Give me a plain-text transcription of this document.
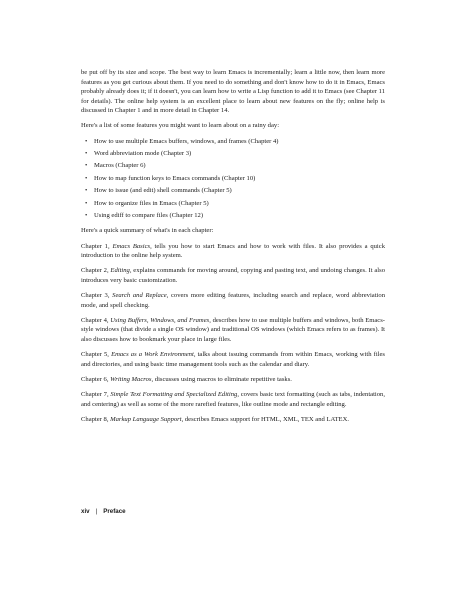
be put off by its size and scope. The best way to learn Emacs is incrementally; learn a little now, then learn more features as you get curious about them. If you need to do something and don't know how to do it in Emacs, Emacs probably already does it; if it doesn't, you can learn how to write a Lisp function to add it to Emacs (see Chapter 11 for details). The online help system is an excellent place to learn about new features on the fly; online help is discussed in Chapter 1 and in more detail in Chapter 14.

Here's a list of some features you might want to learn about on a rainy day:

• How to use multiple Emacs buffers, windows, and frames (Chapter 4)
• Word abbreviation mode (Chapter 3)
• Macros (Chapter 6)
• How to map function keys to Emacs commands (Chapter 10)
• How to issue (and edit) shell commands (Chapter 5)
• How to organize files in Emacs (Chapter 5)
• Using ediff to compare files (Chapter 12)

Here's a quick summary of what's in each chapter:

Chapter 1, Emacs Basics, tells you how to start Emacs and how to work with files. It also provides a quick introduction to the online help system.

Chapter 2, Editing, explains commands for moving around, copying and pasting text, and undoing changes. It also introduces very basic customization.

Chapter 3, Search and Replace, covers more editing features, including search and replace, word abbreviation mode, and spell checking.

Chapter 4, Using Buffers, Windows, and Frames, describes how to use multiple buffers and windows, both Emacs-style windows (that divide a single OS window) and traditional OS windows (which Emacs refers to as frames). It also discusses how to bookmark your place in large files.

Chapter 5, Emacs as a Work Environment, talks about issuing commands from within Emacs, working with files and directories, and using basic time management tools such as the calendar and diary.

Chapter 6, Writing Macros, discusses using macros to eliminate repetitive tasks.

Chapter 7, Simple Text Formatting and Specialized Editing, covers basic text formatting (such as tabs, indentation, and centering) as well as some of the more rarefied features, like outline mode and rectangle editing.

Chapter 8, Markup Language Support, describes Emacs support for HTML, XML, TEX and LATEX.

xiv | Preface
